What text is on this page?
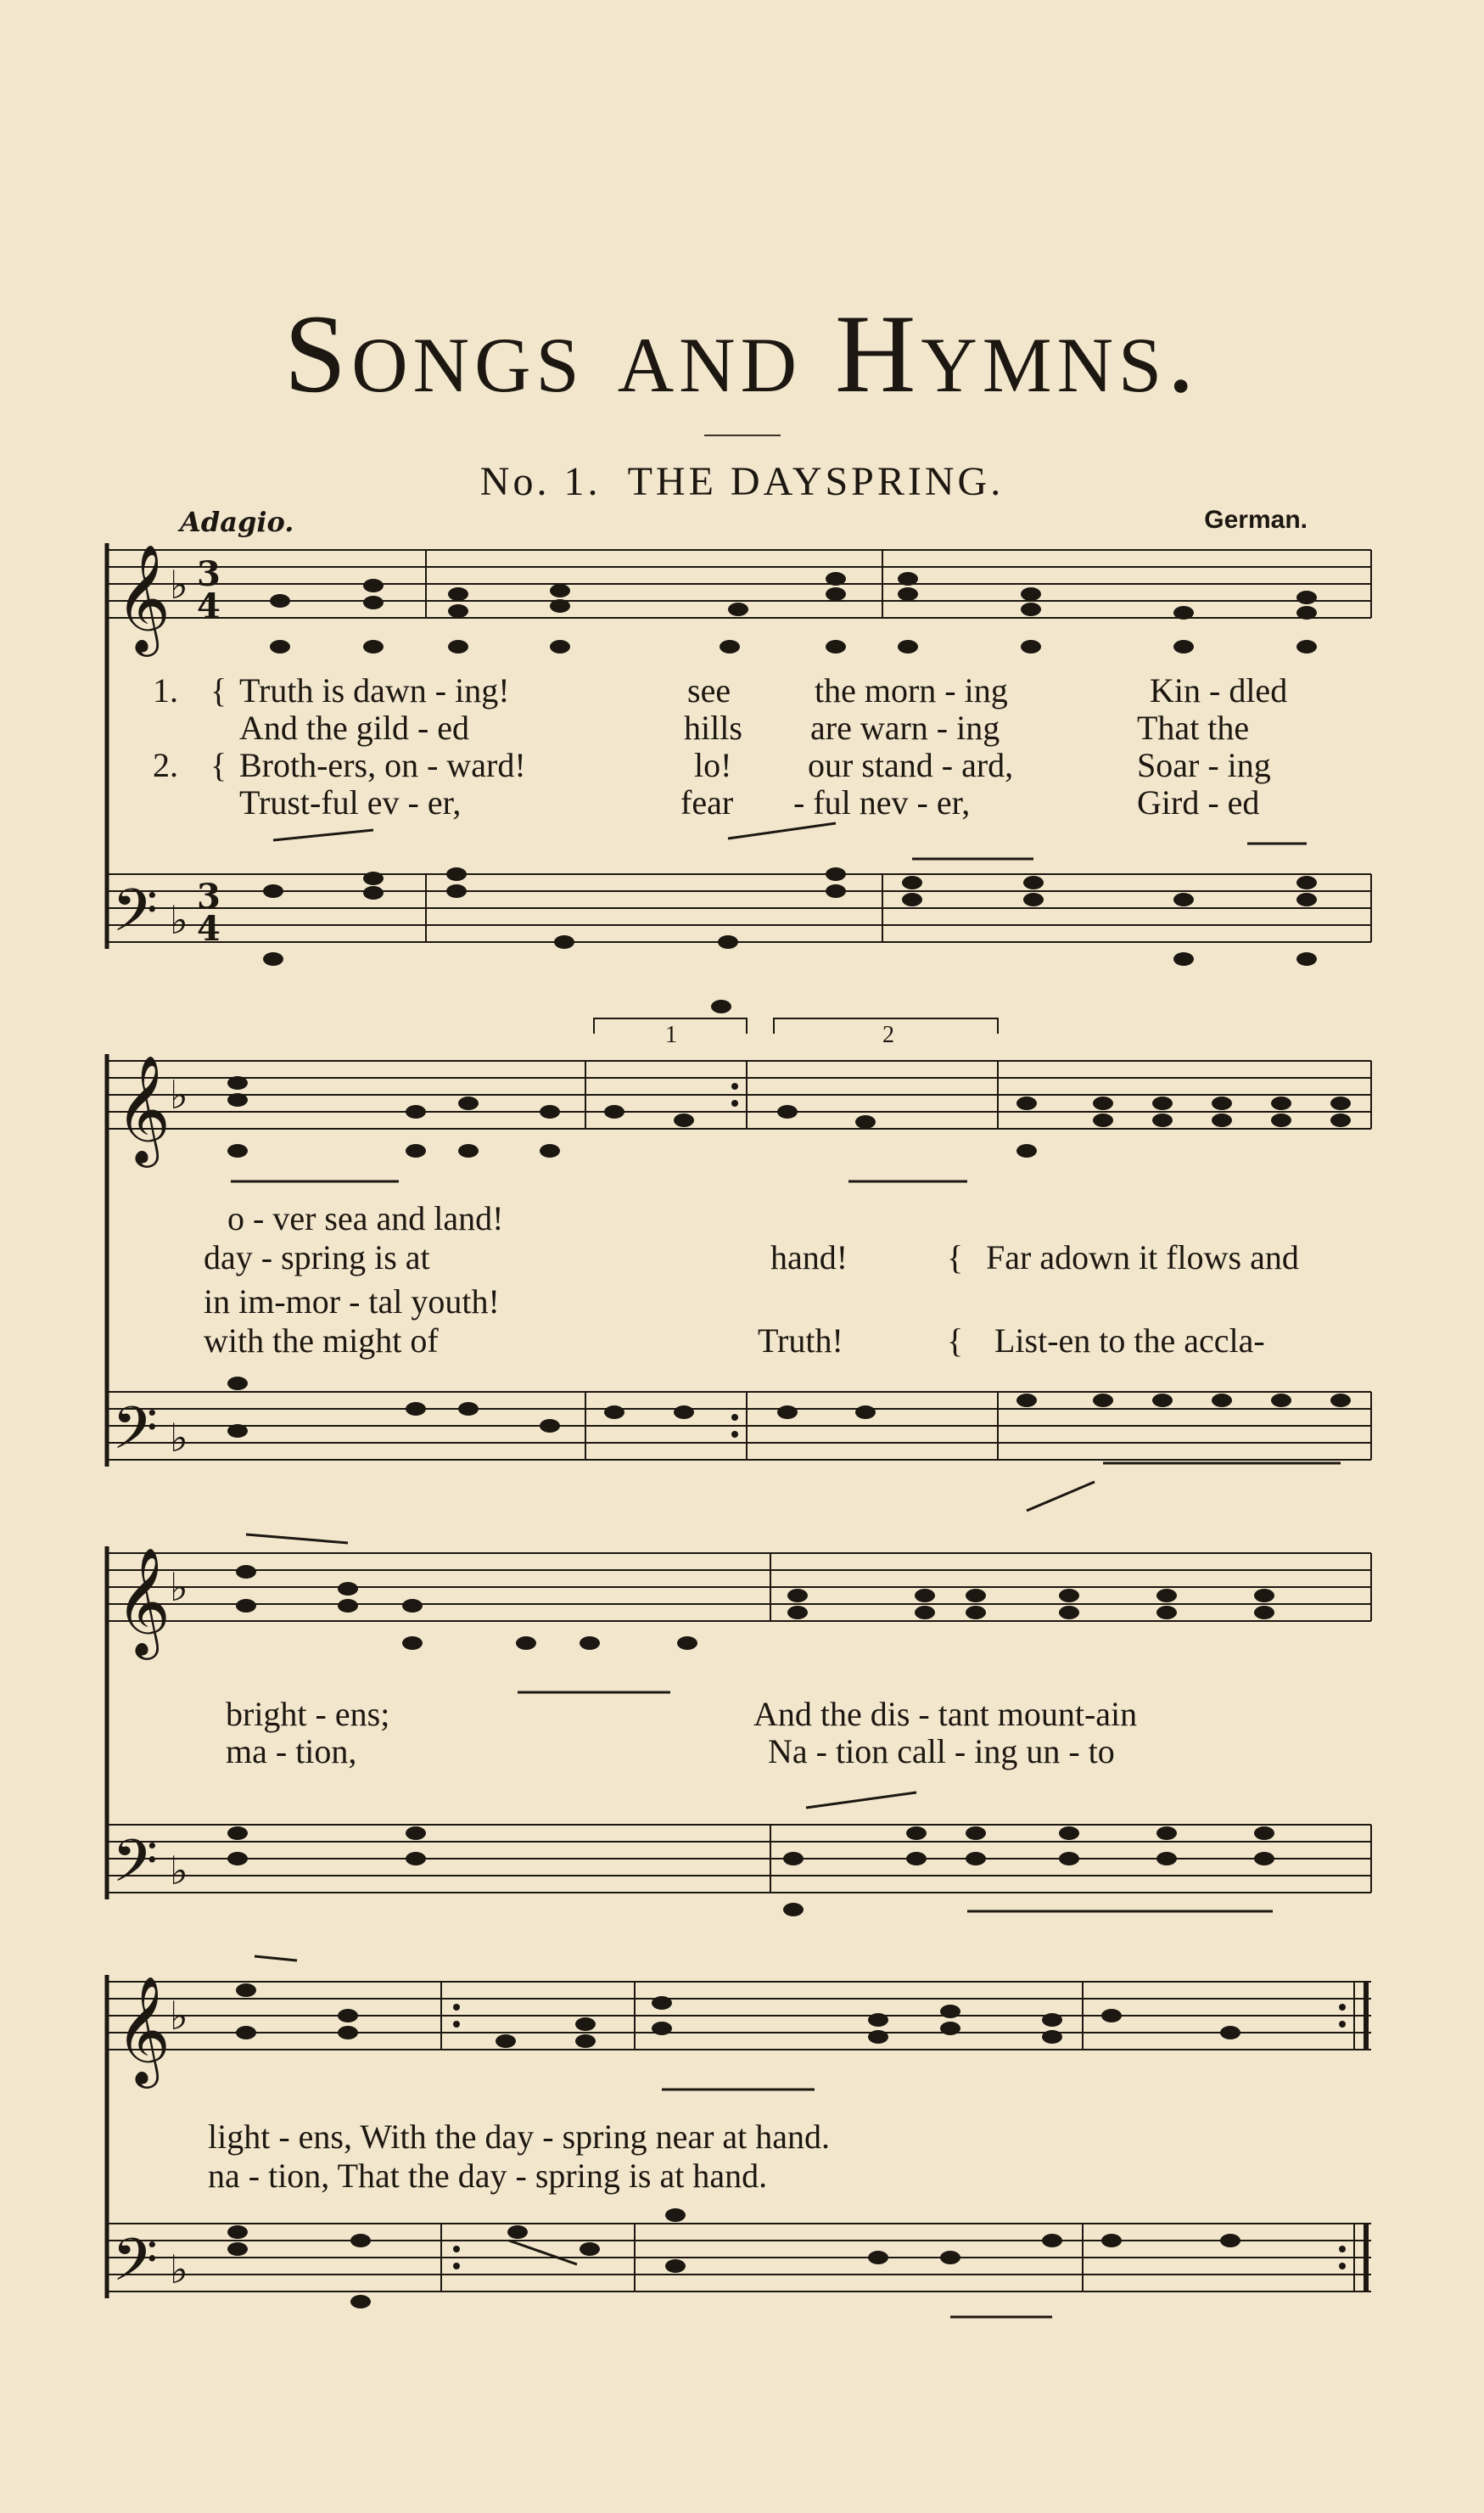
Songs and Hymns.
No. 1. THE DAYSPRING.
Adagio.	German.
𝄞
♭ 3
4
𝄢 ♭
3
4
1	2
𝄞
♭
𝄢 ♭
𝄞
♭
𝄢 ♭
𝄞
♭
𝄢 ♭
1.
2.
{
{
Truth is dawn - ing!
And the gild - ed
Broth-ers, on - ward!
Trust-ful ev - er,
see
hills
lo!
fear
the morn - ing
are warn - ing
our stand - ard,
- ful nev - er,
Kin - dled
That the
Soar - ing
Gird - ed
o - ver sea and land!
day - spring is at	hand!	{ Far adown it flows and
in im-mor - tal youth!
with the might of	Truth!	{ List-en to the accla-
bright - ens;	And the dis - tant mount-ain
ma - tion,	Na - tion call - ing un - to
light - ens, With the day - spring near at hand.
na - tion, That the day - spring is at hand.
